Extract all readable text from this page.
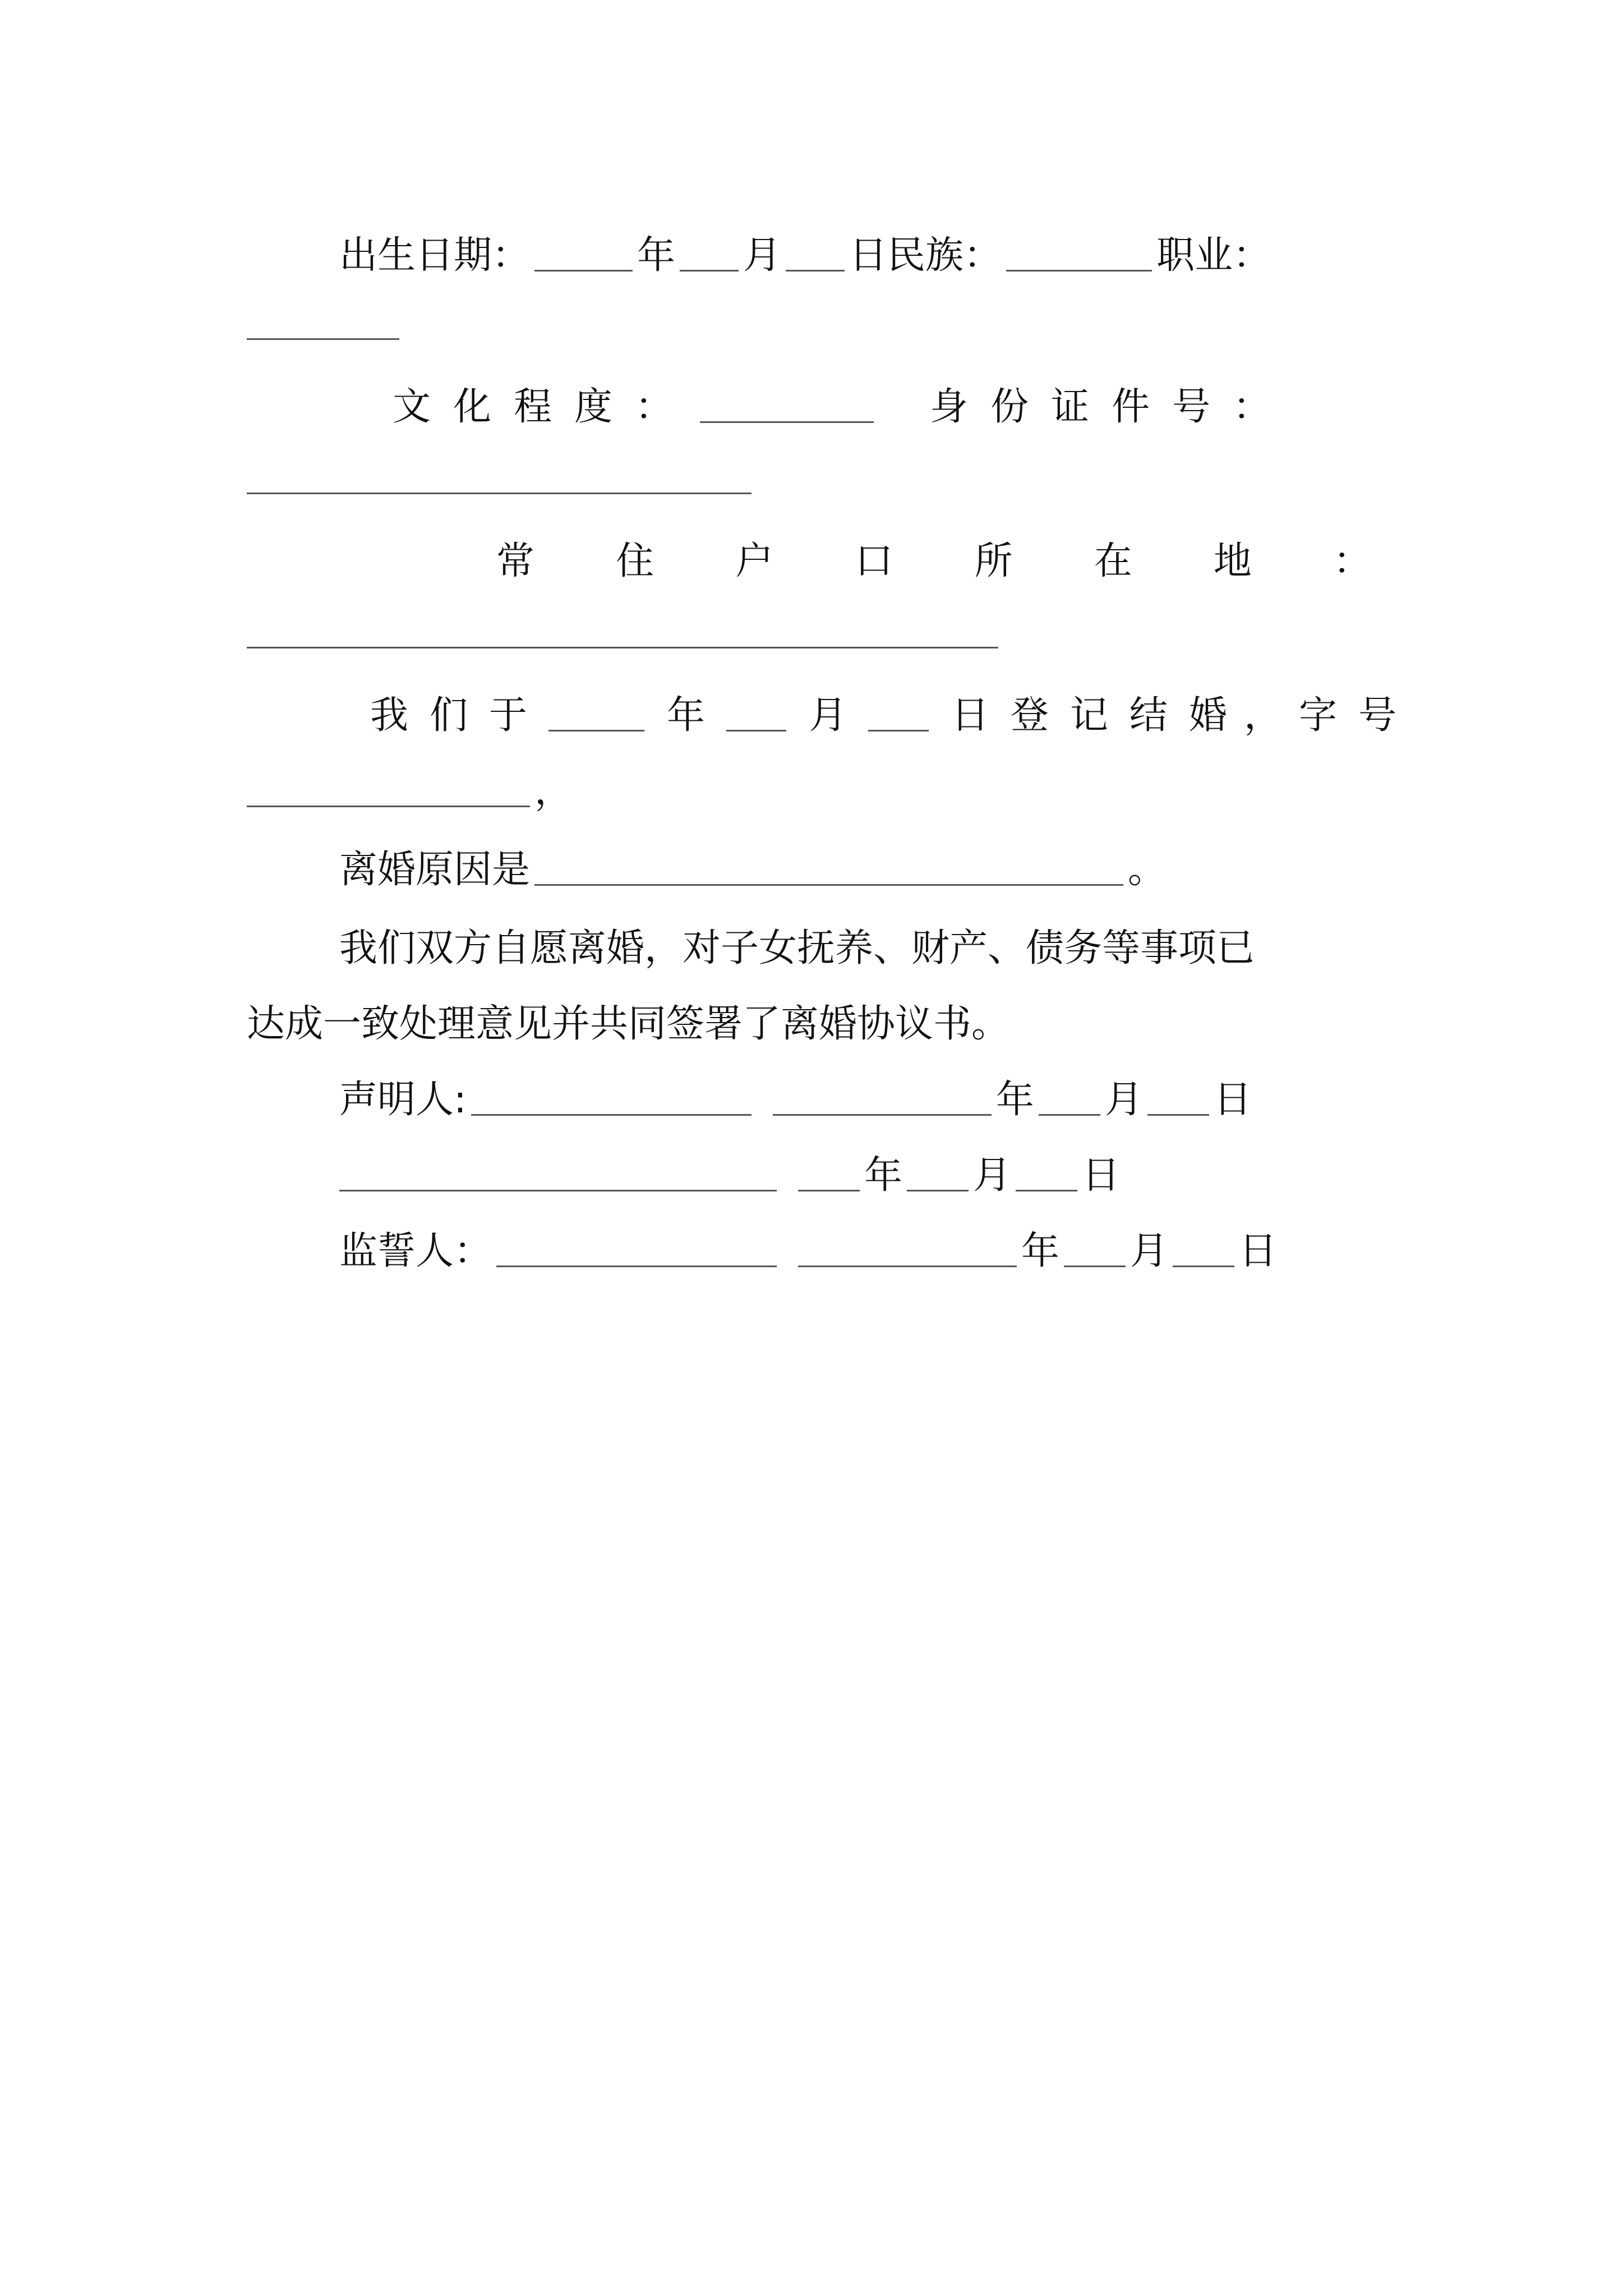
出生日期：	年 月 日民族：	职业：
文 化 程 度 ：	身 份 证 件 号 ：
常 住 户 口 所 在 地 ：
我 们 于	年	月	日 登 记 结 婚 ， 字 号
，
离婚原因是	。
我们双方自愿离婚，对子女抚养、财产、债务等事项已
达成一致处理意见并共同签署了离婚协议书。
声明人:	年 月 日
年 月 日
监誓人：	年 月 日
